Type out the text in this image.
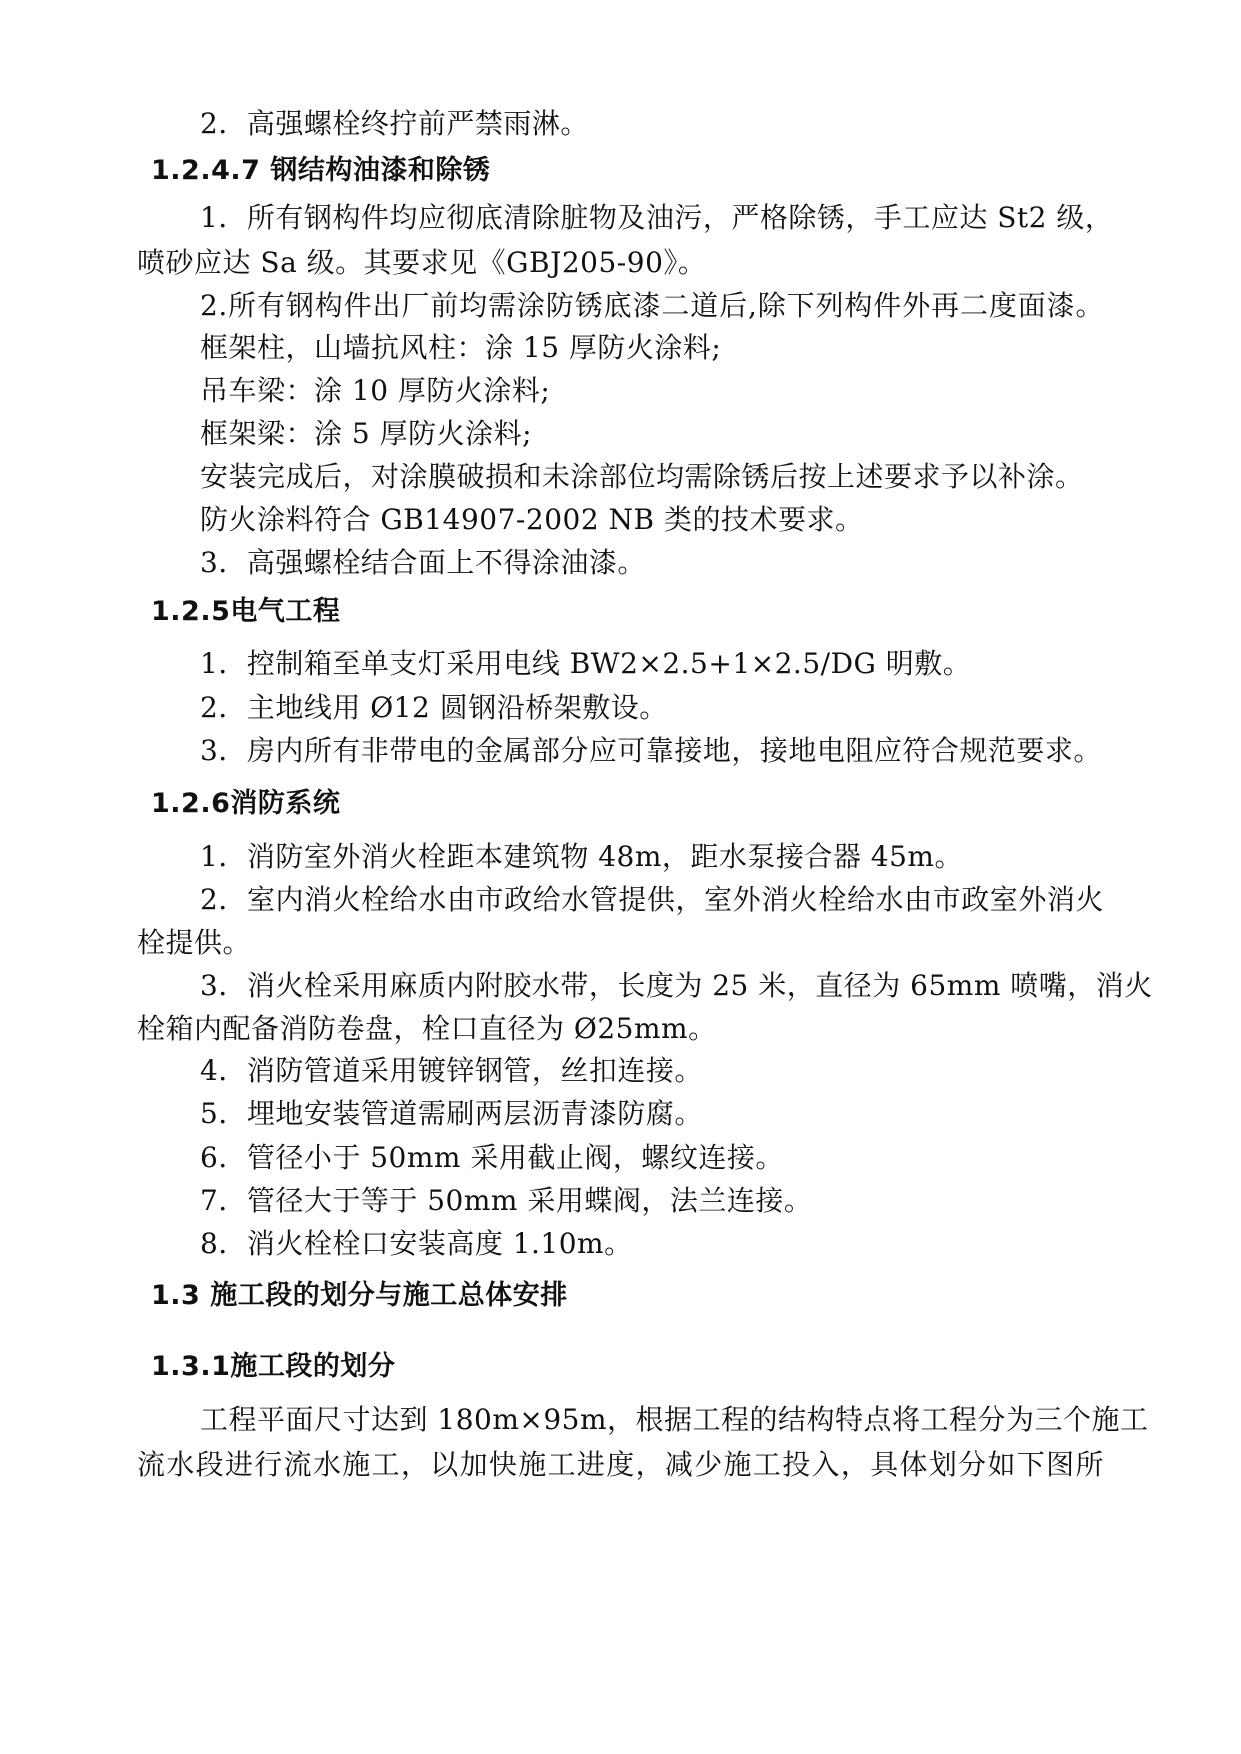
2．高强螺栓终拧前严禁雨淋。
1.2.4.7 钢结构油漆和除锈
1．所有钢构件均应彻底清除脏物及油污，严格除锈，手工应达 St2 级，
喷砂应达 Sa 级。其要求见《GBJ205-90》。
2.所有钢构件出厂前均需涂防锈底漆二道后,除下列构件外再二度面漆。
框架柱，山墙抗风柱：涂 15 厚防火涂料;
吊车梁：涂 10 厚防火涂料;
框架梁：涂 5 厚防火涂料;
安装完成后，对涂膜破损和未涂部位均需除锈后按上述要求予以补涂。
防火涂料符合 GB14907-2002 NB 类的技术要求。
3．高强螺栓结合面上不得涂油漆。
1.2.5电气工程
1．控制箱至单支灯采用电线 BW2×2.5+1×2.5/DG 明敷。
2．主地线用 Ø12 圆钢沿桥架敷设。
3．房内所有非带电的金属部分应可靠接地，接地电阻应符合规范要求。
1.2.6消防系统
1．消防室外消火栓距本建筑物 48m，距水泵接合器 45m。
2．室内消火栓给水由市政给水管提供，室外消火栓给水由市政室外消火
栓提供。
3．消火栓采用麻质内附胶水带，长度为 25 米，直径为 65mm 喷嘴，消火
栓箱内配备消防卷盘，栓口直径为 Ø25mm。
4．消防管道采用镀锌钢管，丝扣连接。
5．埋地安装管道需刷两层沥青漆防腐。
6．管径小于 50mm 采用截止阀，螺纹连接。
7．管径大于等于 50mm 采用蝶阀，法兰连接。
8．消火栓栓口安装高度 1.10m。
1.3 施工段的划分与施工总体安排
1.3.1施工段的划分
工程平面尺寸达到 180m×95m，根据工程的结构特点将工程分为三个施工
流水段进行流水施工，以加快施工进度，减少施工投入，具体划分如下图所
